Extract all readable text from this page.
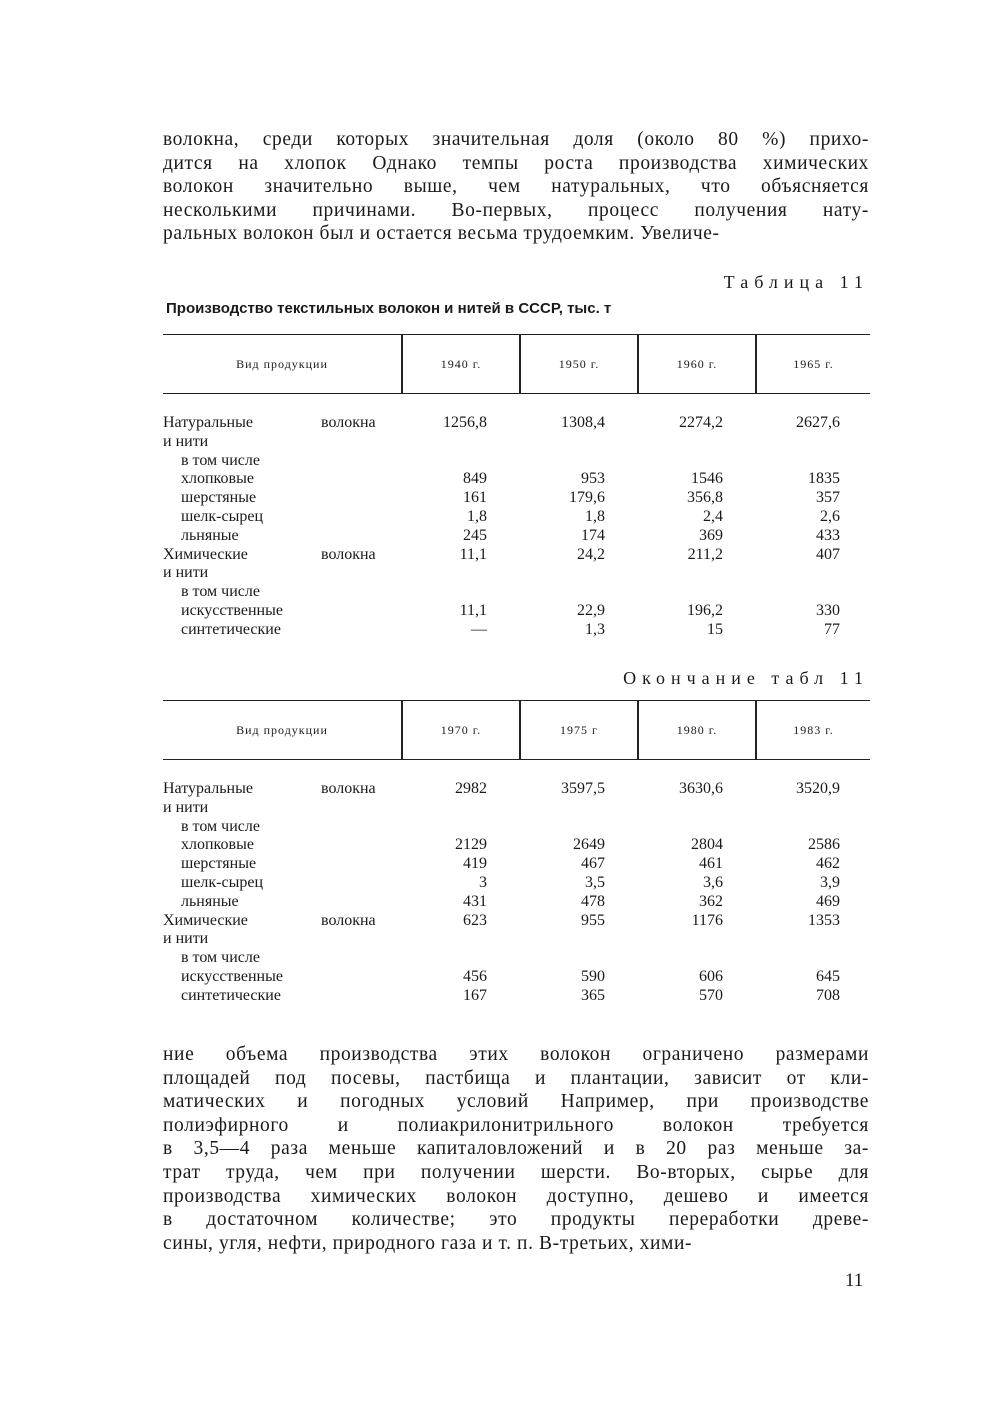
волокна, среди которых значительная доля (около 80 %) прихо-
дится на хлопок Однако темпы роста производства химических
волокон значительно выше, чем натуральных, что объясняется
несколькими причинами. Во-первых, процесс получения нату-
ральных волокон был и остается весьма трудоемким. Увеличе-
Таблица 11
Производство текстильных волокон и нитей в СССР, тыс. т
Вид продукции	1940 г.	1950 г.	1960 г.	1965 г.
Натуральные	волокна	1256,8	1308,4	2274,2	2627,6
и нити
в том числе
хлопковые	849	953	1546	1835
шерстяные	161	179,6	356,8	357
шелк-сырец	1,8	1,8	2,4	2,6
льняные	245	174	369	433
Химические	волокна	11,1	24,2	211,2	407
и нити
в том числе
искусственные	11,1	22,9	196,2	330
синтетические	—	1,3	15	77
Окончание табл 11
Вид продукции	1970 г.	1975 г	1980 г.	1983 г.
Натуральные	волокна	2982	3597,5	3630,6	3520,9
и нити
в том числе
хлопковые	2129	2649	2804	2586
шерстяные	419	467	461	462
шелк-сырец	3	3,5	3,6	3,9
льняные	431	478	362	469
Химические	волокна	623	955	1176	1353
и нити
в том числе
искусственные	456	590	606	645
синтетические	167	365	570	708
ние объема производства этих волокон ограничено размерами
площадей под посевы, пастбища и плантации, зависит от кли-
матических и погодных условий Например, при производстве
полиэфирного и полиакрилонитрильного волокон требуется
в 3,5—4 раза меньше капиталовложений и в 20 раз меньше за-
трат труда, чем при получении шерсти. Во-вторых, сырье для
производства химических волокон доступно, дешево и имеется
в достаточном количестве; это продукты переработки древе-
сины, угля, нефти, природного газа и т. п. В-третьих, хими-
11
